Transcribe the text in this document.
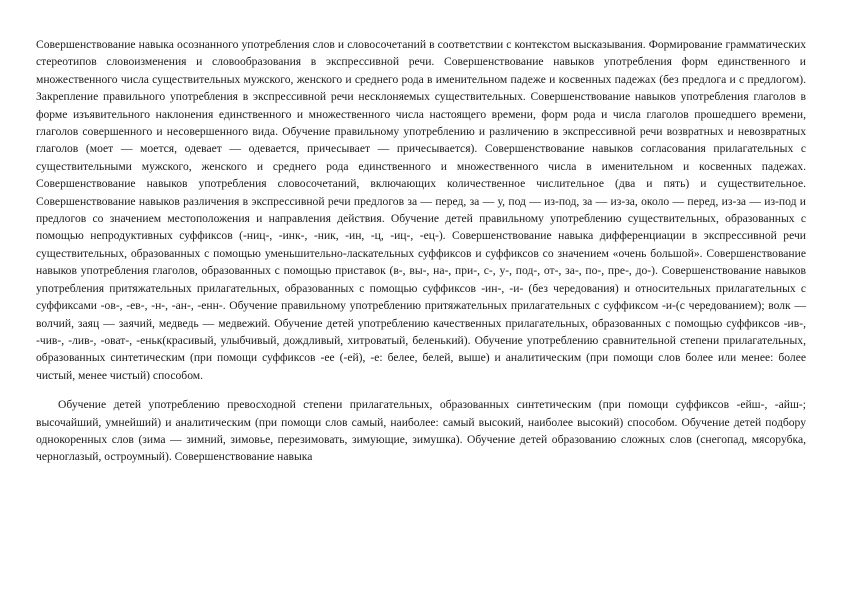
Совершенствование навыка осознанного употребления слов и словосочетаний в соответствии с контекстом высказывания. Формирование грамматических стереотипов словоизменения и словообразования в экспрессивной речи. Совершенствование навыков употребления форм единственного и множественного числа существительных мужского, женского и среднего рода в именительном падеже и косвенных падежах (без предлога и с предлогом). Закрепление правильного употребления в экспрессивной речи несклоняемых существительных. Совершенствование навыков употребления глаголов в форме изъявительного наклонения единственного и множественного числа настоящего времени, форм рода и числа глаголов прошедшего времени, глаголов совершенного и несовершенного вида. Обучение правильному употреблению и различению в экспрессивной речи возвратных и невозвратных глаголов (моет — моется, одевает — одевается, причесывает — причесывается). Совершенствование навыков согласования прилагательных с существительными мужского, женского и среднего рода единственного и множественного числа в именительном и косвенных падежах. Совершенствование навыков употребления словосочетаний, включающих количественное числительное (два и пять) и существительное. Совершенствование навыков различения в экспрессивной речи предлогов за — перед, за — у, под — из-под, за — из-за, около — перед, из-за — из-под и предлогов со значением местоположения и направления действия. Обучение детей правильному употреблению существительных, образованных с помощью непродуктивных суффиксов (-ниц-, -инк-, -ник, -ин, -ц, -иц-, -ец-). Совершенствование навыка дифференциации в экспрессивной речи существительных, образованных с помощью уменьшительно-ласкательных суффиксов и суффиксов со значением «очень большой». Совершенствование навыков употребления глаголов, образованных с помощью приставок (в-, вы-, на-, при-, с-, у-, под-, от-, за-, по-, пре-, до-). Совершенствование навыков употребления притяжательных прилагательных, образованных с помощью суффиксов -ин-, -и- (без чередования) и относительных прилагательных с суффиксами -ов-, -ев-, -н-, -ан-, -енн-. Обучение правильному употреблению притяжательных прилагательных с суффиксом -и-(с чередованием); волк — волчий, заяц — заячий, медведь — медвежий. Обучение детей употреблению качественных прилагательных, образованных с помощью суффиксов -ив-, -чив-, -лив-, -оват-, -еньк(красивый, улыбчивый, дождливый, хитроватый, беленький). Обучение употреблению сравнительной степени прилагательных, образованных синтетическим (при помощи суффиксов -ее (-ей), -е: белее, белей, выше) и аналитическим (при помощи слов более или менее: более чистый, менее чистый) способом.

Обучение детей употреблению превосходной степени прилагательных, образованных синтетическим (при помощи суффиксов -ейш-, -айш-; высочайший, умнейший) и аналитическим (при помощи слов самый, наиболее: самый высокий, наиболее высокий) способом. Обучение детей подбору однокоренных слов (зима — зимний, зимовье, перезимовать, зимующие, зимушка). Обучение детей образованию сложных слов (снегопад, мясорубка, черноглазый, остроумный). Совершенствование навыка
